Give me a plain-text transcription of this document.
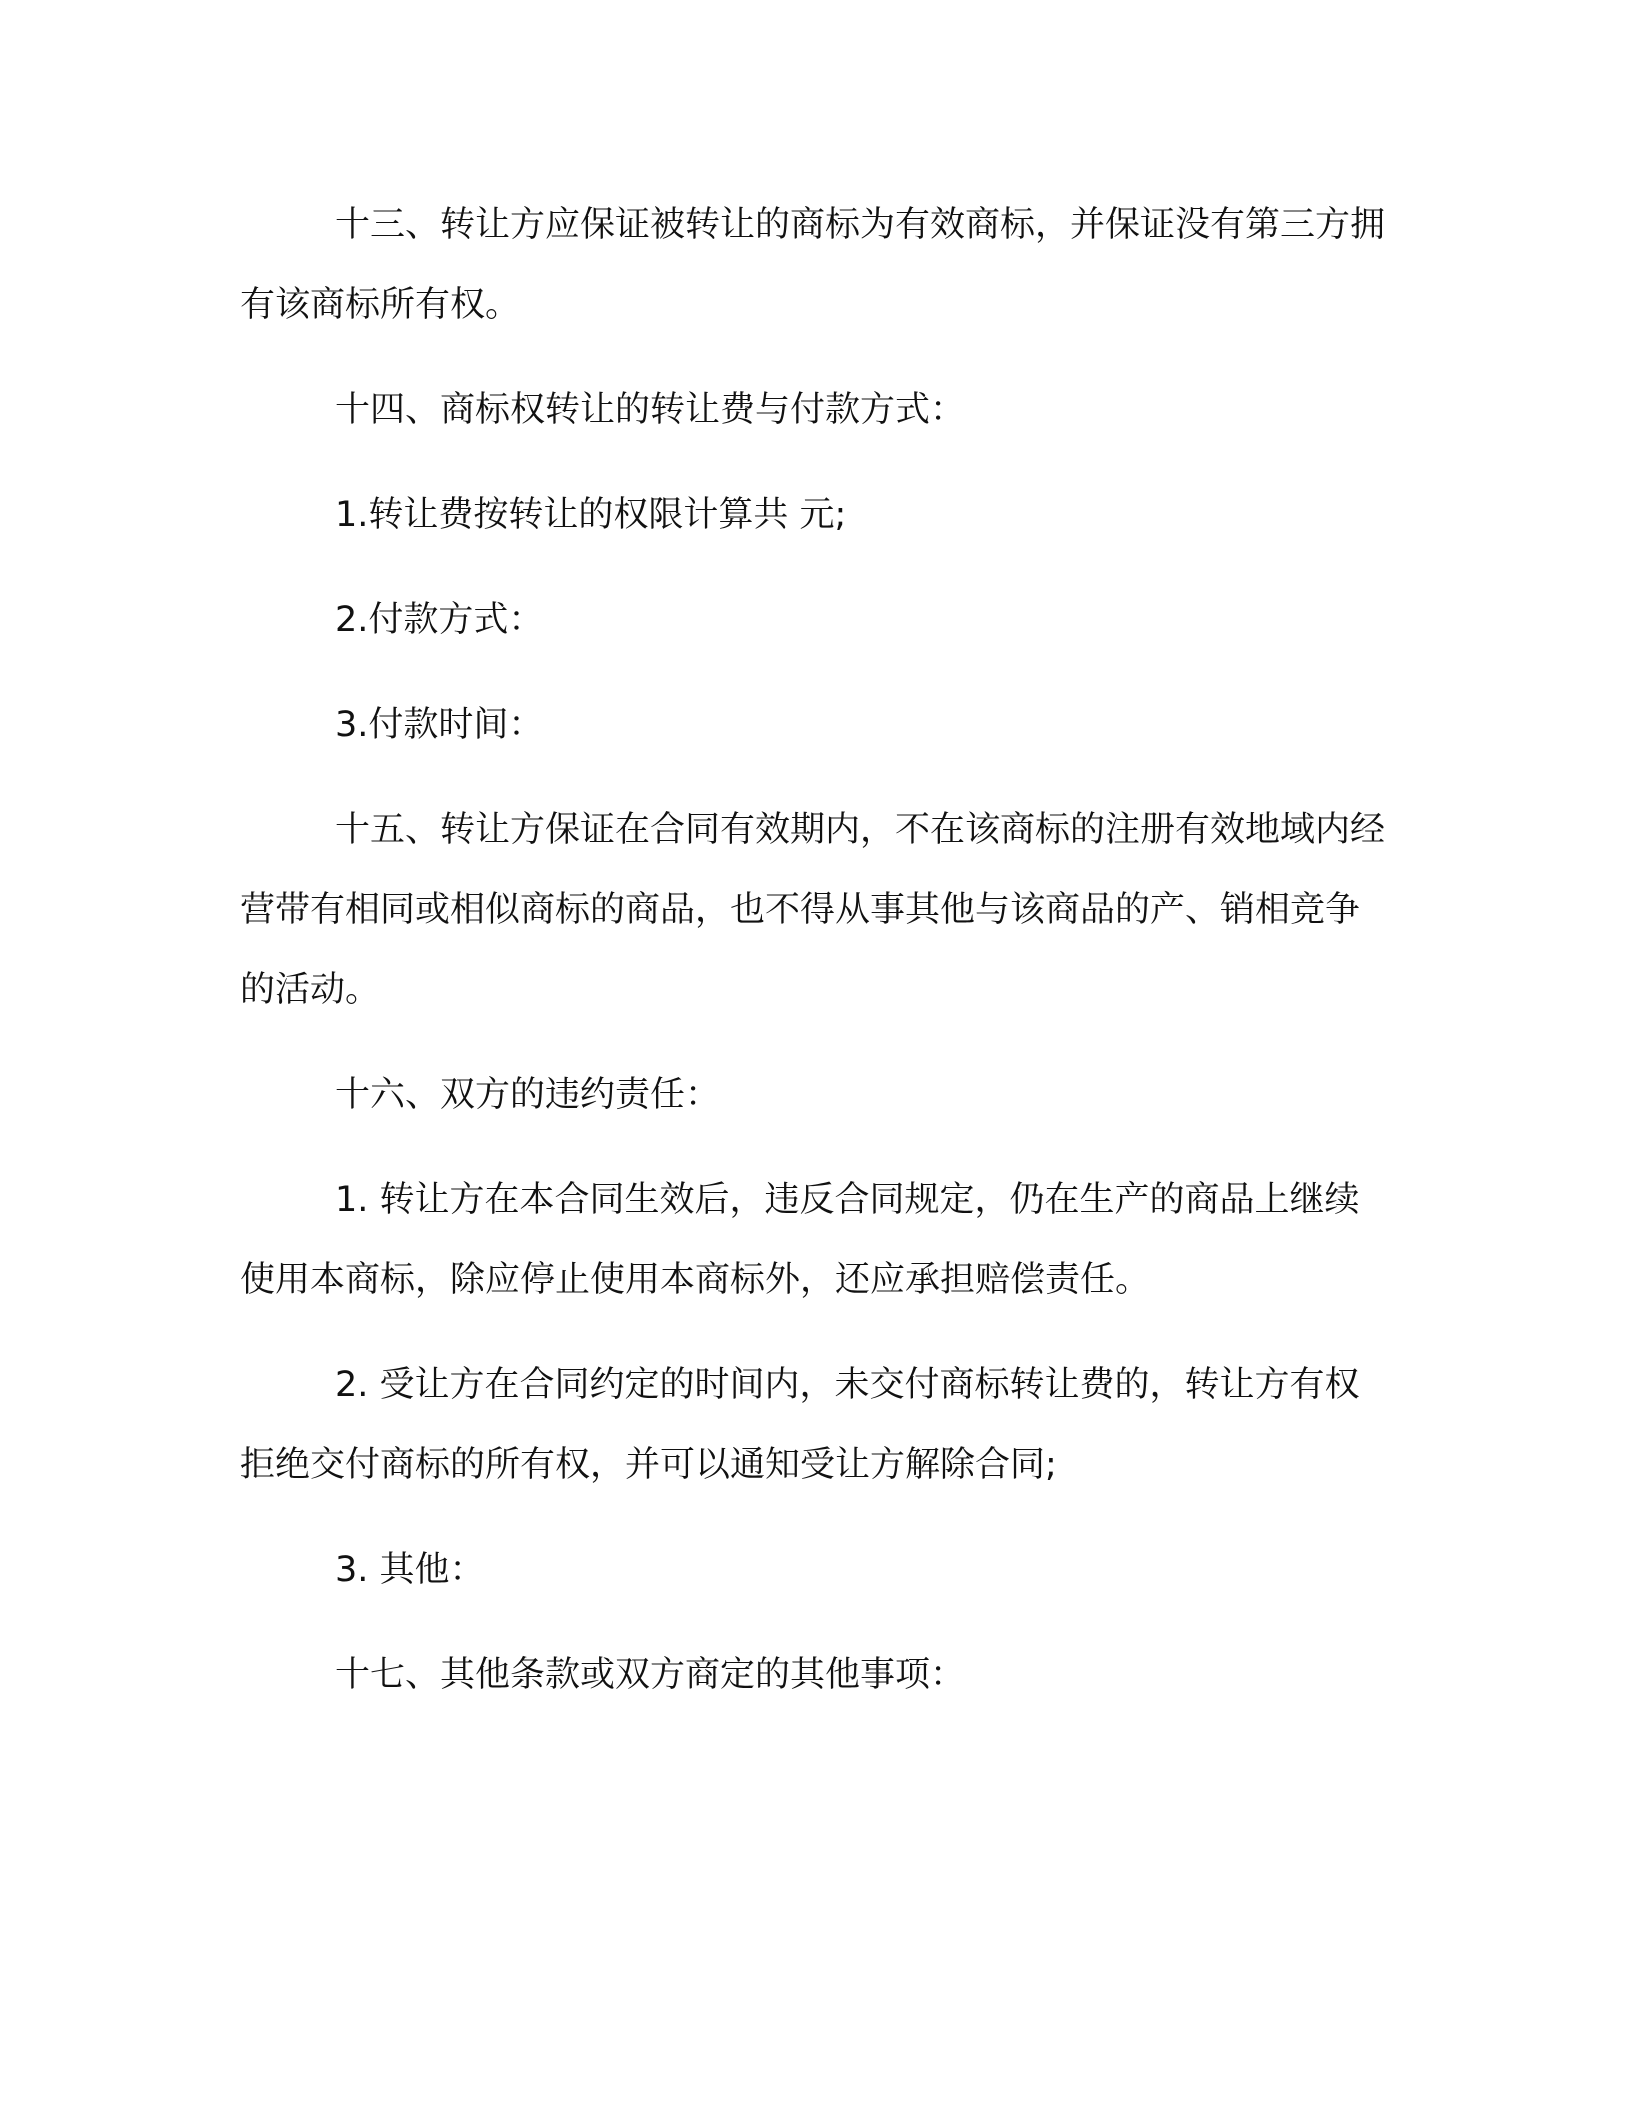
十三、转让方应保证被转让的商标为有效商标，并保证没有第三方拥有该商标所有权。

十四、商标权转让的转让费与付款方式：

1.转让费按转让的权限计算共 元;

2.付款方式：

3.付款时间：

十五、转让方保证在合同有效期内，不在该商标的注册有效地域内经营带有相同或相似商标的商品，也不得从事其他与该商品的产、销相竞争的活动。

十六、双方的违约责任：

1. 转让方在本合同生效后，违反合同规定，仍在生产的商品上继续使用本商标，除应停止使用本商标外，还应承担赔偿责任。

2. 受让方在合同约定的时间内，未交付商标转让费的，转让方有权拒绝交付商标的所有权，并可以通知受让方解除合同;

3. 其他：

十七、其他条款或双方商定的其他事项：
